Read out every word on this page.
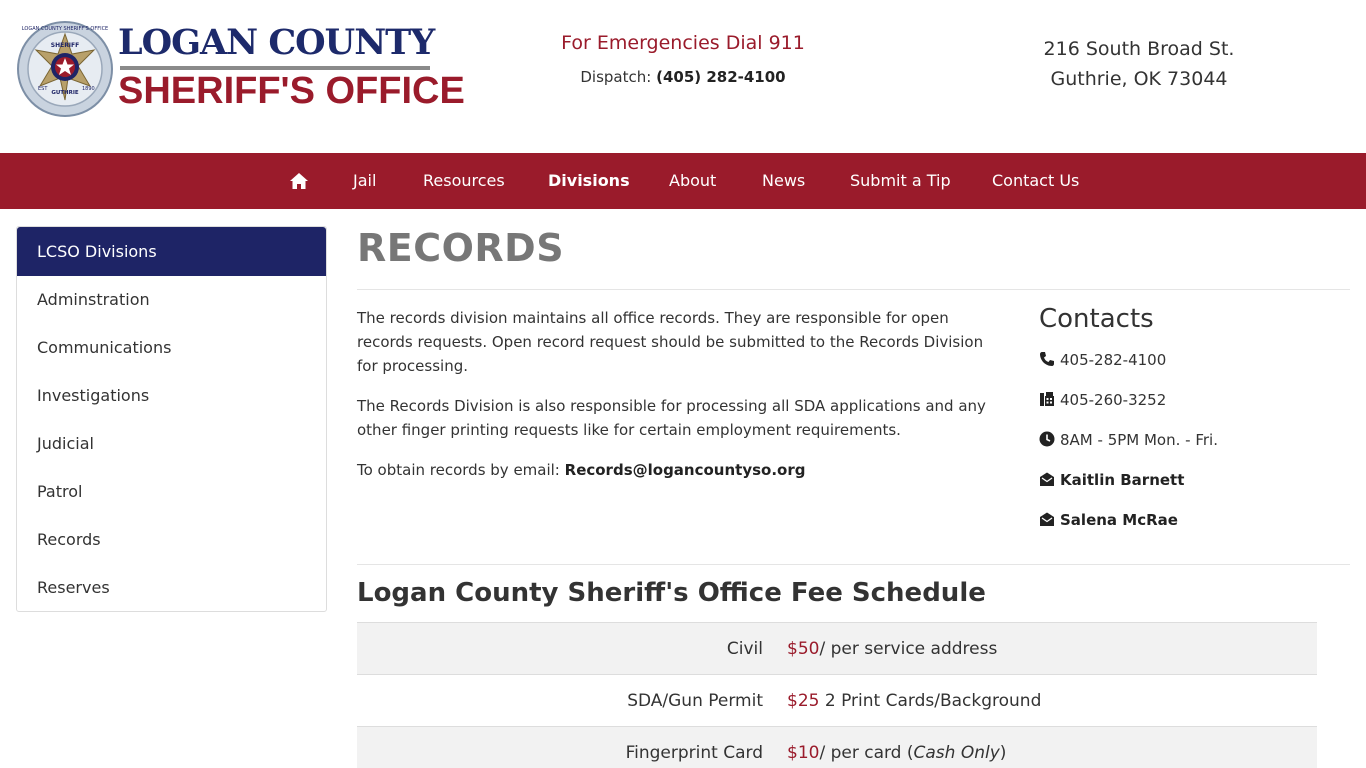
SHERIFF
GUTHRIE
EST	1890
LOGAN COUNTY SHERIFF'S OFFICE LOGAN COUNTY
SHERIFF'S OFFICE
For Emergencies Dial 911
Dispatch: (405) 282-4100
216 South Broad St.
Guthrie, OK 73044
Jail	Resources	Divisions About	News	Submit a Tip	Contact Us
LCSO Divisions
Adminstration
Communications
Investigations
Judicial
Patrol
Records
Reserves
RECORDS

The records division maintains all office records. They are responsible for open records requests. Open record request should be submitted to the Records Division for processing.

The Records Division is also responsible for processing all SDA applications and any other finger printing requests like for certain employment requirements.

To obtain records by email: Records@logancountyso.org

Contacts
405-282-4100
405-260-3252
8AM - 5PM Mon. - Fri.
Kaitlin Barnett
Salena McRae
Logan County Sheriff's Office Fee Schedule
Civil $50/ per service address
SDA/Gun Permit $25 2 Print Cards/Background
Fingerprint Card $10/ per card (Cash Only)
